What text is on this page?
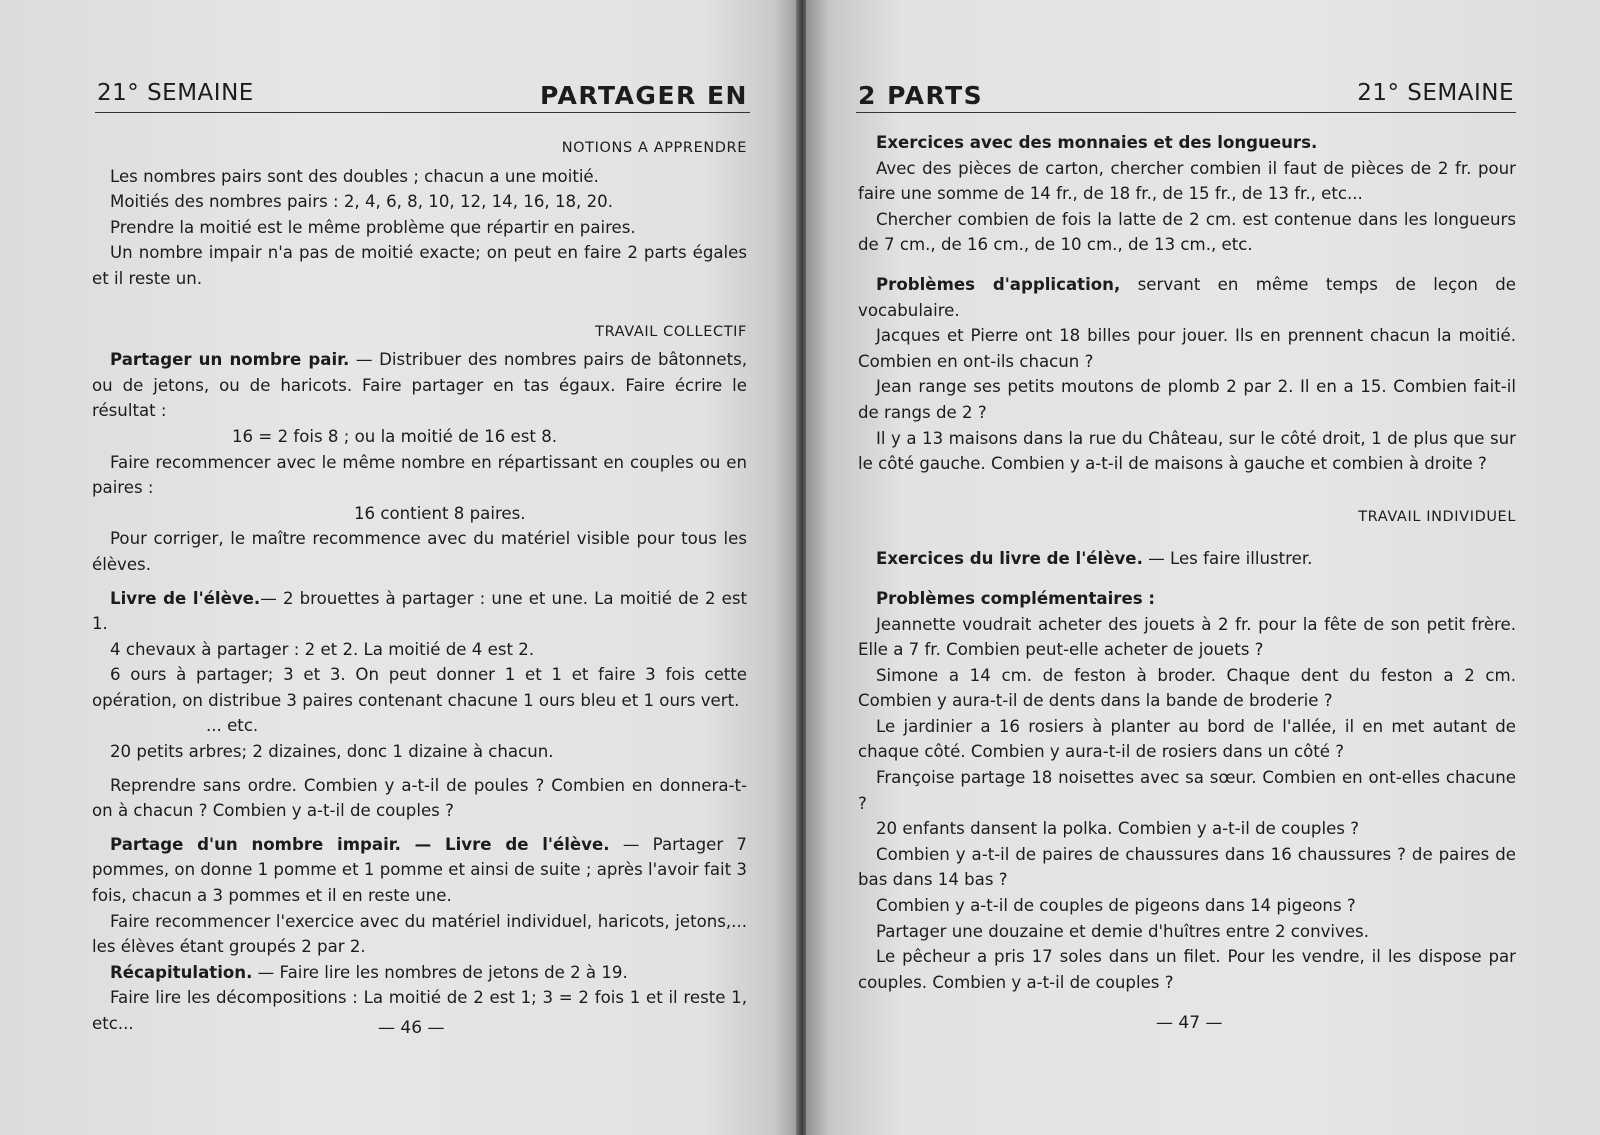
21° SEMAINE	PARTAGER EN
NOTIONS A APPRENDRE

Les nombres pairs sont des doubles ; chacun a une moitié.

Moitiés des nombres pairs : 2, 4, 6, 8, 10, 12, 14, 16, 18, 20.

Prendre la moitié est le même problème que répartir en paires.

Un nombre impair n'a pas de moitié exacte; on peut en faire 2 parts égales et il reste un.

TRAVAIL COLLECTIF

Partager un nombre pair. — Distribuer des nombres pairs de bâtonnets, ou de jetons, ou de haricots. Faire partager en tas égaux. Faire écrire le résultat :

16 = 2 fois 8 ; ou la moitié de 16 est 8.

Faire recommencer avec le même nombre en répartissant en couples ou en paires :

16 contient 8 paires.

Pour corriger, le maître recommence avec du matériel visible pour tous les élèves.

Livre de l'élève.— 2 brouettes à partager : une et une. La moitié de 2 est 1.

4 chevaux à partager : 2 et 2. La moitié de 4 est 2.

6 ours à partager; 3 et 3. On peut donner 1 et 1 et faire 3 fois cette opération, on distribue 3 paires contenant chacune 1 ours bleu et 1 ours vert.

... etc.

20 petits arbres; 2 dizaines, donc 1 dizaine à chacun.

Reprendre sans ordre. Combien y a-t-il de poules ? Combien en donnera-t-on à chacun ? Combien y a-t-il de couples ?

Partage d'un nombre impair. — Livre de l'élève. — Partager 7 pommes, on donne 1 pomme et 1 pomme et ainsi de suite ; après l'avoir fait 3 fois, chacun a 3 pommes et il en reste une.

Faire recommencer l'exercice avec du matériel individuel, haricots, jetons,... les élèves étant groupés 2 par 2.

Récapitulation. — Faire lire les nombres de jetons de 2 à 19.

Faire lire les décompositions : La moitié de 2 est 1; 3 = 2 fois 1 et il reste 1, etc...	— 46 —
2 PARTS	21° SEMAINE

Exercices avec des monnaies et des longueurs.

Avec des pièces de carton, chercher combien il faut de pièces de 2 fr. pour faire une somme de 14 fr., de 18 fr., de 15 fr., de 13 fr., etc...

Chercher combien de fois la latte de 2 cm. est contenue dans les longueurs de 7 cm., de 16 cm., de 10 cm., de 13 cm., etc.

Problèmes d'application, servant en même temps de leçon de vocabulaire.

Jacques et Pierre ont 18 billes pour jouer. Ils en prennent chacun la moitié. Combien en ont-ils chacun ?

Jean range ses petits moutons de plomb 2 par 2. Il en a 15. Combien fait-il de rangs de 2 ?

Il y a 13 maisons dans la rue du Château, sur le côté droit, 1 de plus que sur le côté gauche. Combien y a-t-il de maisons à gauche et combien à droite ?

TRAVAIL INDIVIDUEL

Exercices du livre de l'élève. — Les faire illustrer.

Problèmes complémentaires :

Jeannette voudrait acheter des jouets à 2 fr. pour la fête de son petit frère. Elle a 7 fr. Combien peut-elle acheter de jouets ?

Simone a 14 cm. de feston à broder. Chaque dent du feston a 2 cm. Combien y aura-t-il de dents dans la bande de broderie ?

Le jardinier a 16 rosiers à planter au bord de l'allée, il en met autant de chaque côté. Combien y aura-t-il de rosiers dans un côté ?

Françoise partage 18 noisettes avec sa sœur. Combien en ont-elles chacune ?

20 enfants dansent la polka. Combien y a-t-il de couples ?

Combien y a-t-il de paires de chaussures dans 16 chaussures ? de paires de bas dans 14 bas ?

Combien y a-t-il de couples de pigeons dans 14 pigeons ?

Partager une douzaine et demie d'huîtres entre 2 convives.

Le pêcheur a pris 17 soles dans un filet. Pour les vendre, il les dispose par couples. Combien y a-t-il de couples ?

— 47 —
